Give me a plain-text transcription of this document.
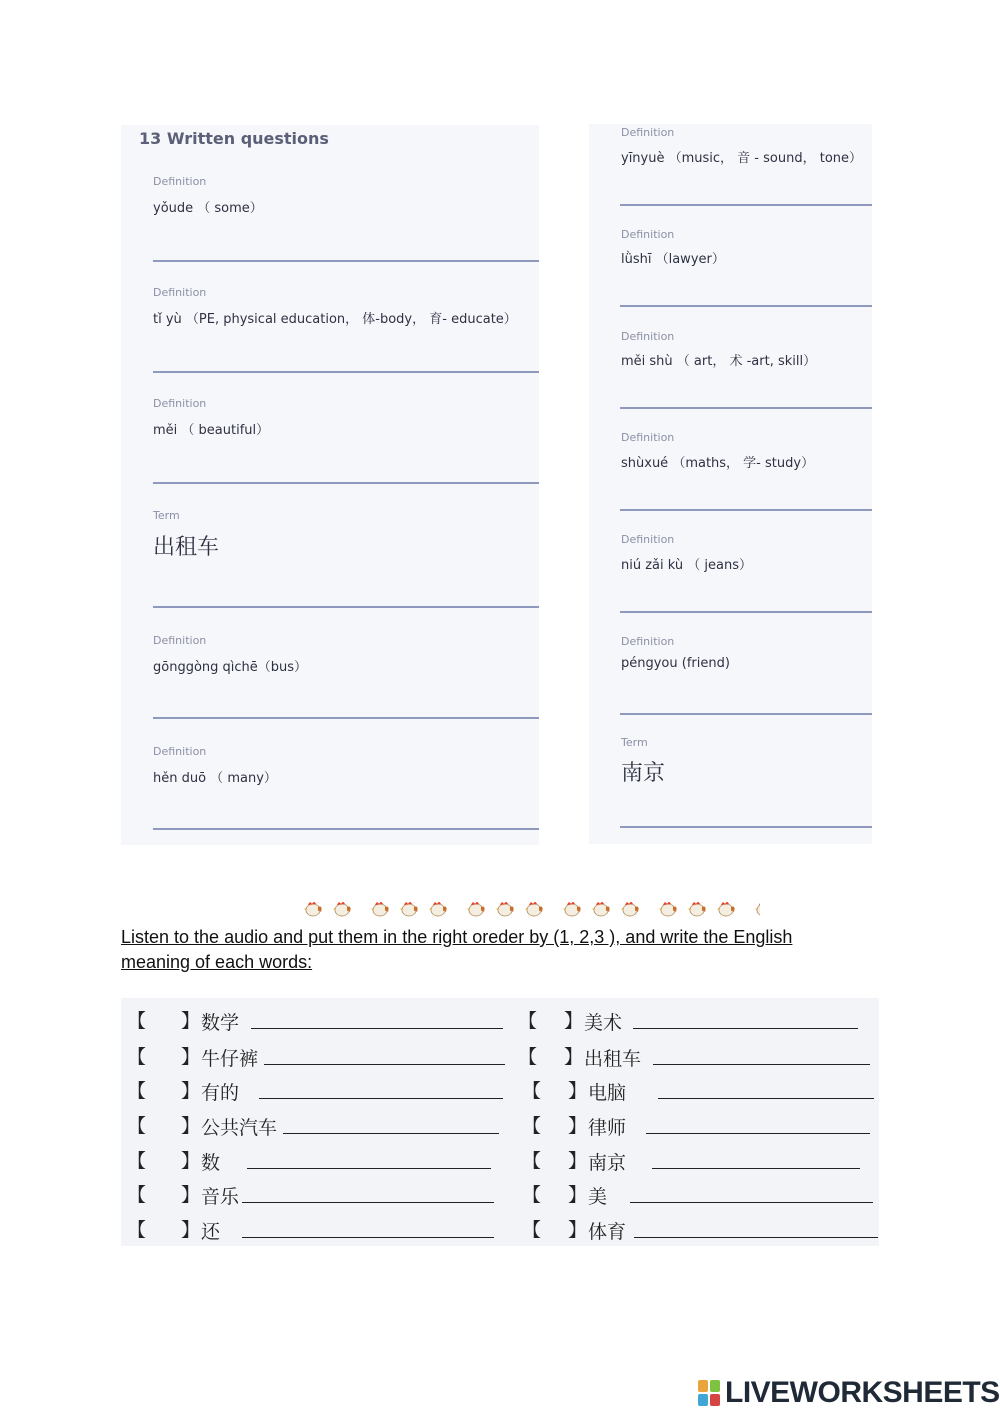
13 Written questions
Definition
yǒude （ some）
Definition
tǐ yù （PE, physical education， 体-body， 育- educate）
Definition
měi （ beautiful）
Term
出租车
Definition
gōnggòng qìchē（bus）
Definition
hěn duō （ many）
Definition
yīnyuè （music， 音 - sound， tone）
Definition
lǜshī （lawyer）
Definition
měi shù （ art， 术 -art, skill）
Definition
shùxué （maths， 学- study）
Definition
niú zǎi kù （ jeans）
Definition
péngyou (friend)
Term
南京
Listen to the audio and put them in the right oreder by (1, 2,3 ), and write the English
meaning of each words:
【 】 数学	【 】 美术
【 】 牛仔裤	【 】 出租车
【 】 有的	【 】 电脑
【 】 公共汽车	【 】 律师
【 】 数	【 】 南京
【 】 音乐	【 】 美
【 】 还	【 】 体育
LIVEWORKSHEETS
